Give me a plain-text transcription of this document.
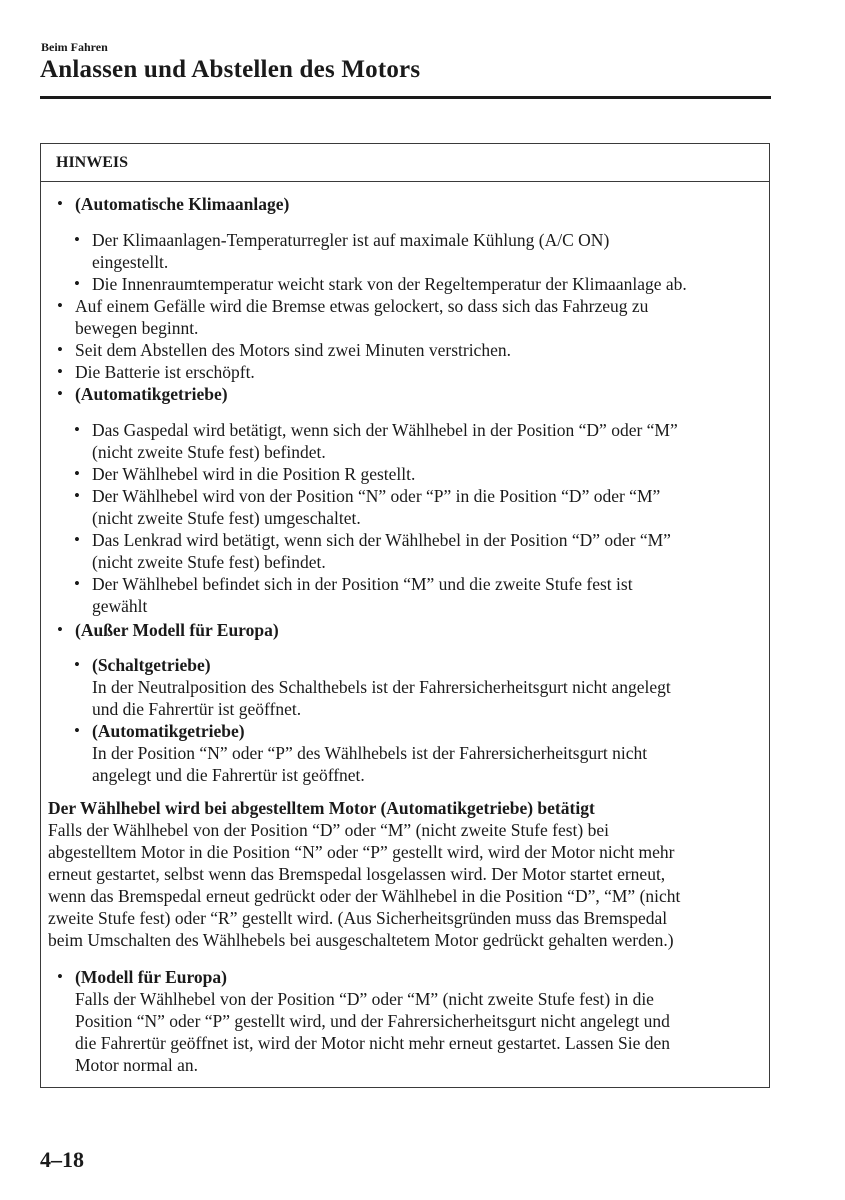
Beim Fahren
Anlassen und Abstellen des Motors
HINWEIS
• (Automatische Klimaanlage)
• Der Klimaanlagen-Temperaturregler ist auf maximale Kühlung (A/C ON)
eingestellt.
• Die Innenraumtemperatur weicht stark von der Regeltemperatur der Klimaanlage ab.
• Auf einem Gefälle wird die Bremse etwas gelockert, so dass sich das Fahrzeug zu
bewegen beginnt.
• Seit dem Abstellen des Motors sind zwei Minuten verstrichen.
• Die Batterie ist erschöpft.
• (Automatikgetriebe)
• Das Gaspedal wird betätigt, wenn sich der Wählhebel in der Position “D” oder “M”
(nicht zweite Stufe fest) befindet.
• Der Wählhebel wird in die Position R gestellt.
• Der Wählhebel wird von der Position “N” oder “P” in die Position “D” oder “M”
(nicht zweite Stufe fest) umgeschaltet.
• Das Lenkrad wird betätigt, wenn sich der Wählhebel in der Position “D” oder “M”
(nicht zweite Stufe fest) befindet.
• Der Wählhebel befindet sich in der Position “M” und die zweite Stufe fest ist
gewählt
• (Außer Modell für Europa)
• (Schaltgetriebe)
In der Neutralposition des Schalthebels ist der Fahrersicherheitsgurt nicht angelegt
und die Fahrertür ist geöffnet.
• (Automatikgetriebe)
In der Position “N” oder “P” des Wählhebels ist der Fahrersicherheitsgurt nicht
angelegt und die Fahrertür ist geöffnet.
Der Wählhebel wird bei abgestelltem Motor (Automatikgetriebe) betätigt
Falls der Wählhebel von der Position “D” oder “M” (nicht zweite Stufe fest) bei
abgestelltem Motor in die Position “N” oder “P” gestellt wird, wird der Motor nicht mehr
erneut gestartet, selbst wenn das Bremspedal losgelassen wird. Der Motor startet erneut,
wenn das Bremspedal erneut gedrückt oder der Wählhebel in die Position “D”, “M” (nicht
zweite Stufe fest) oder “R” gestellt wird. (Aus Sicherheitsgründen muss das Bremspedal
beim Umschalten des Wählhebels bei ausgeschaltetem Motor gedrückt gehalten werden.)
• (Modell für Europa)
Falls der Wählhebel von der Position “D” oder “M” (nicht zweite Stufe fest) in die
Position “N” oder “P” gestellt wird, und der Fahrersicherheitsgurt nicht angelegt und
die Fahrertür geöffnet ist, wird der Motor nicht mehr erneut gestartet. Lassen Sie den
Motor normal an.
4–18
